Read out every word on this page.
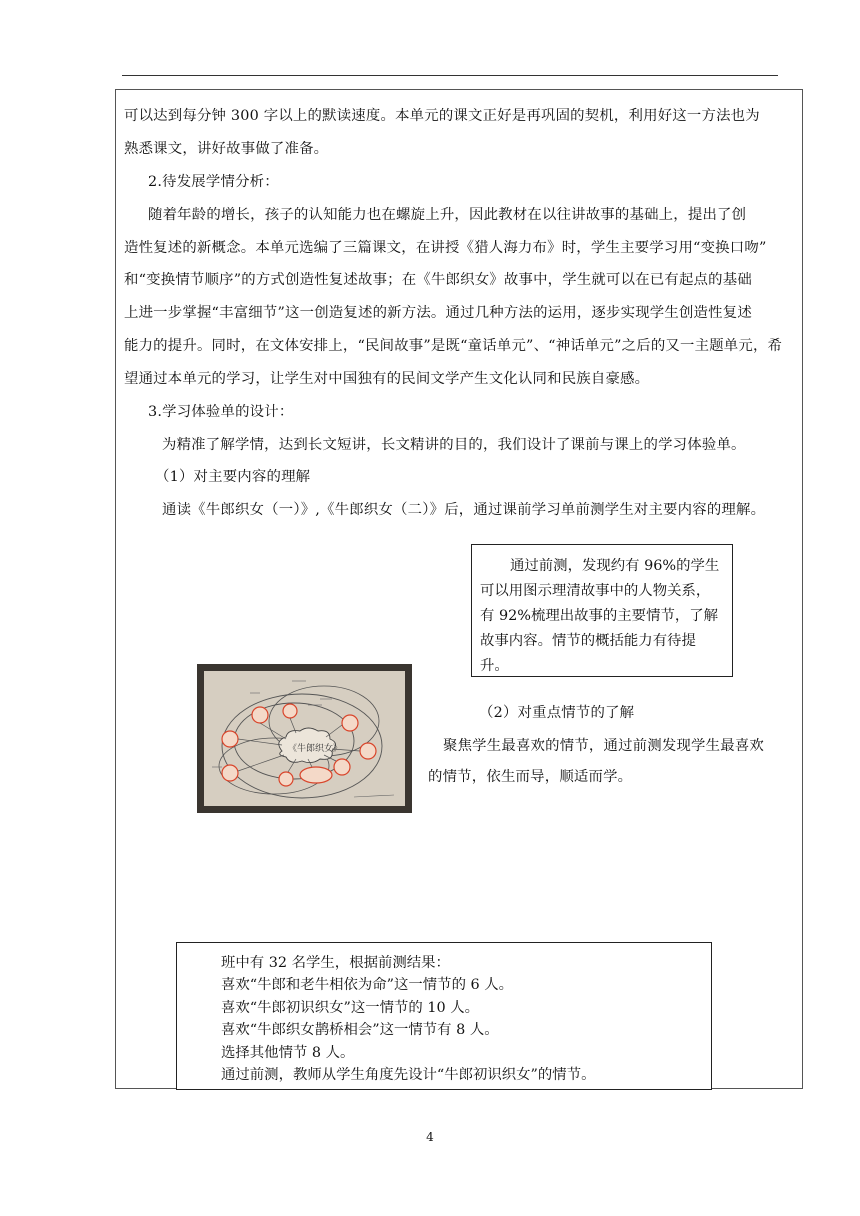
可以达到每分钟 300 字以上的默读速度。本单元的课文正好是再巩固的契机，利用好这一方法也为
熟悉课文，讲好故事做了准备。
2.待发展学情分析：
随着年龄的增长，孩子的认知能力也在螺旋上升，因此教材在以往讲故事的基础上，提出了创
造性复述的新概念。本单元选编了三篇课文，在讲授《猎人海力布》时，学生主要学习用“变换口吻”
和“变换情节顺序”的方式创造性复述故事；在《牛郎织女》故事中，学生就可以在已有起点的基础
上进一步掌握“丰富细节”这一创造复述的新方法。通过几种方法的运用，逐步实现学生创造性复述
能力的提升。同时，在文体安排上，“民间故事”是既“童话单元”、“神话单元”之后的又一主题单元，希
望通过本单元的学习，让学生对中国独有的民间文学产生文化认同和民族自豪感。
3.学习体验单的设计：
为精准了解学情，达到长文短讲，长文精讲的目的，我们设计了课前与课上的学习体验单。
（1）对主要内容的理解
通读《牛郎织女（一）》,《牛郎织女（二）》后，通过课前学习单前测学生对主要内容的理解。
通过前测，发现约有 96%的学生
可以用图示理清故事中的人物关系，
有 92%梳理出故事的主要情节，了解
故事内容。情节的概括能力有待提
升。
《牛郎织女》
（2）对重点情节的了解
聚焦学生最喜欢的情节，通过前测发现学生最喜欢
的情节，依生而导，顺适而学。
班中有 32 名学生，根据前测结果：
喜欢“牛郎和老牛相依为命”这一情节的 6 人。
喜欢“牛郎初识织女”这一情节的 10 人。
喜欢“牛郎织女鹊桥相会”这一情节有 8 人。
选择其他情节 8 人。
通过前测，教师从学生角度先设计“牛郎初识织女”的情节。
4
